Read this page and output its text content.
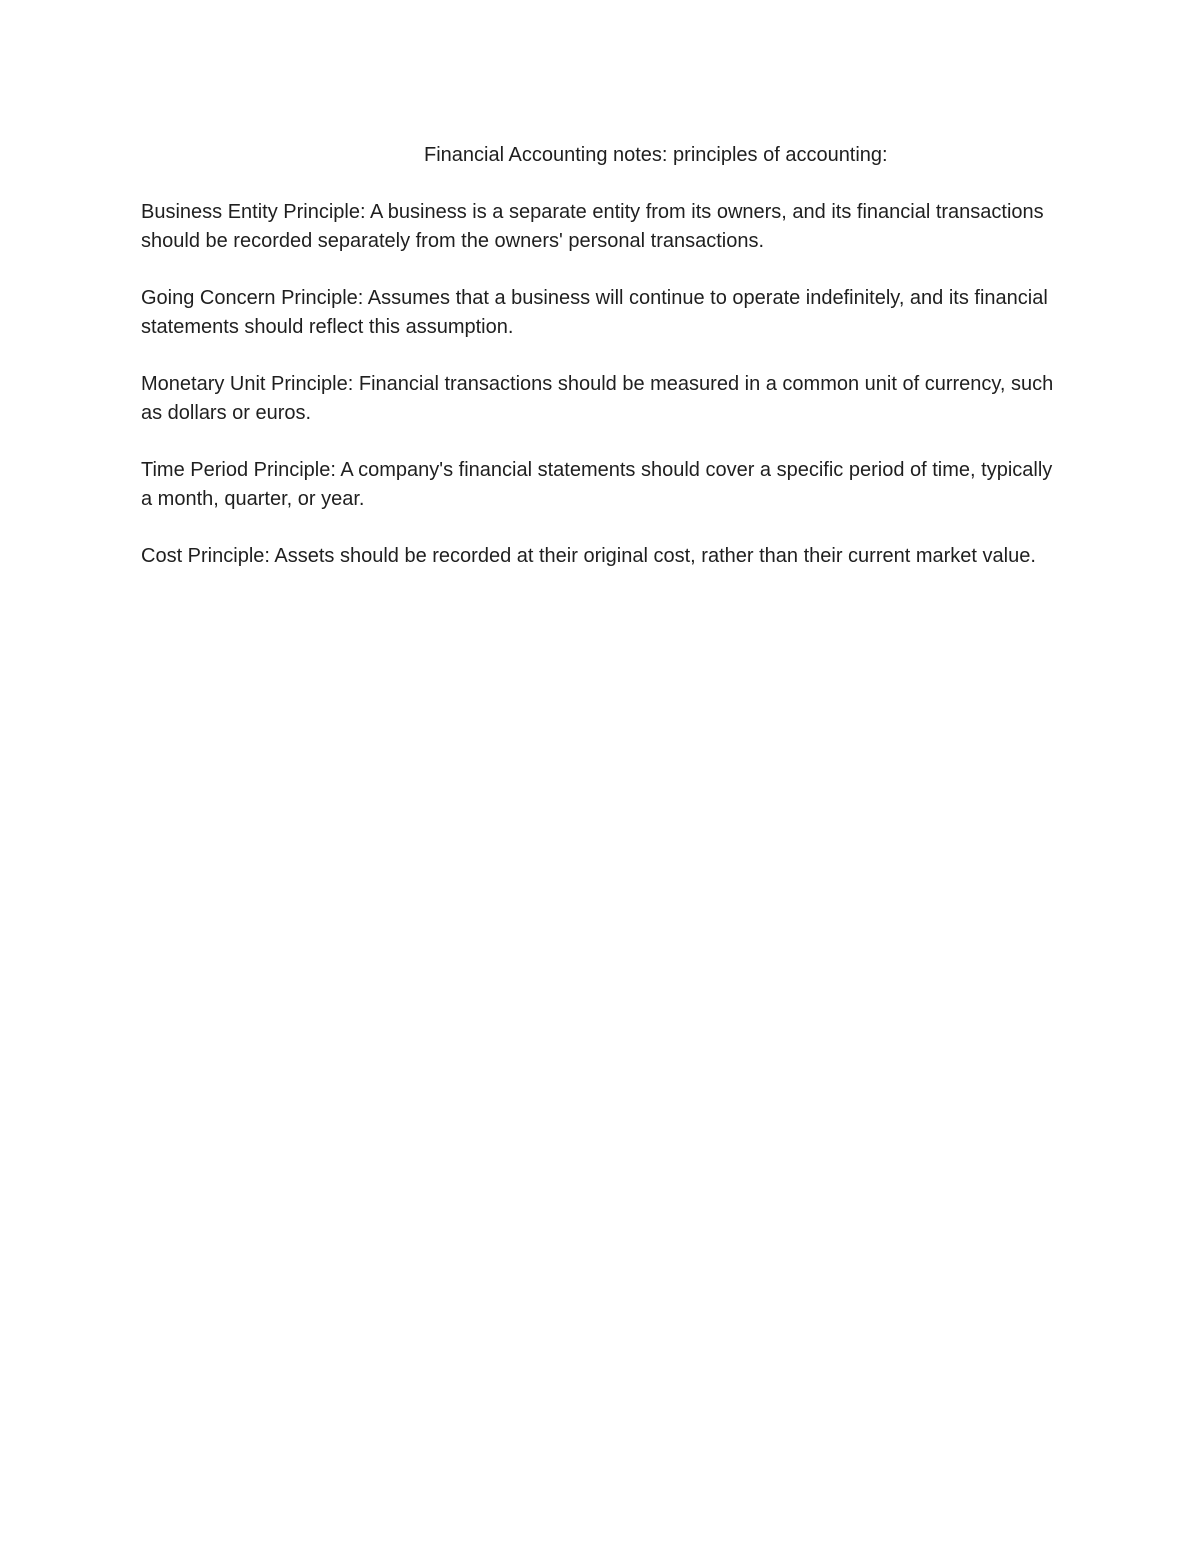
Financial Accounting notes: principles of accounting:

Business Entity Principle: A business is a separate entity from its owners, and its financial transactions should be recorded separately from the owners' personal transactions.

Going Concern Principle: Assumes that a business will continue to operate indefinitely, and its financial statements should reflect this assumption.

Monetary Unit Principle: Financial transactions should be measured in a common unit of currency, such as dollars or euros.

Time Period Principle: A company's financial statements should cover a specific period of time, typically a month, quarter, or year.

Cost Principle: Assets should be recorded at their original cost, rather than their current market value.
